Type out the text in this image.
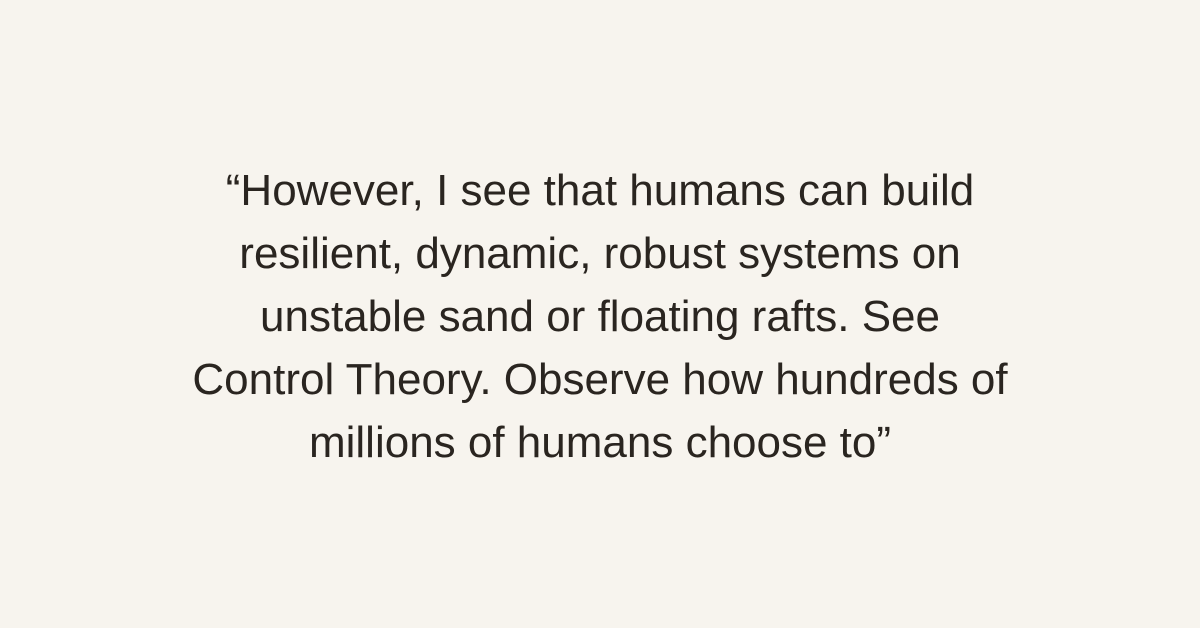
“However, I see that humans can build
resilient, dynamic, robust systems on
unstable sand or floating rafts. See
Control Theory. Observe how hundreds of
millions of humans choose to”
